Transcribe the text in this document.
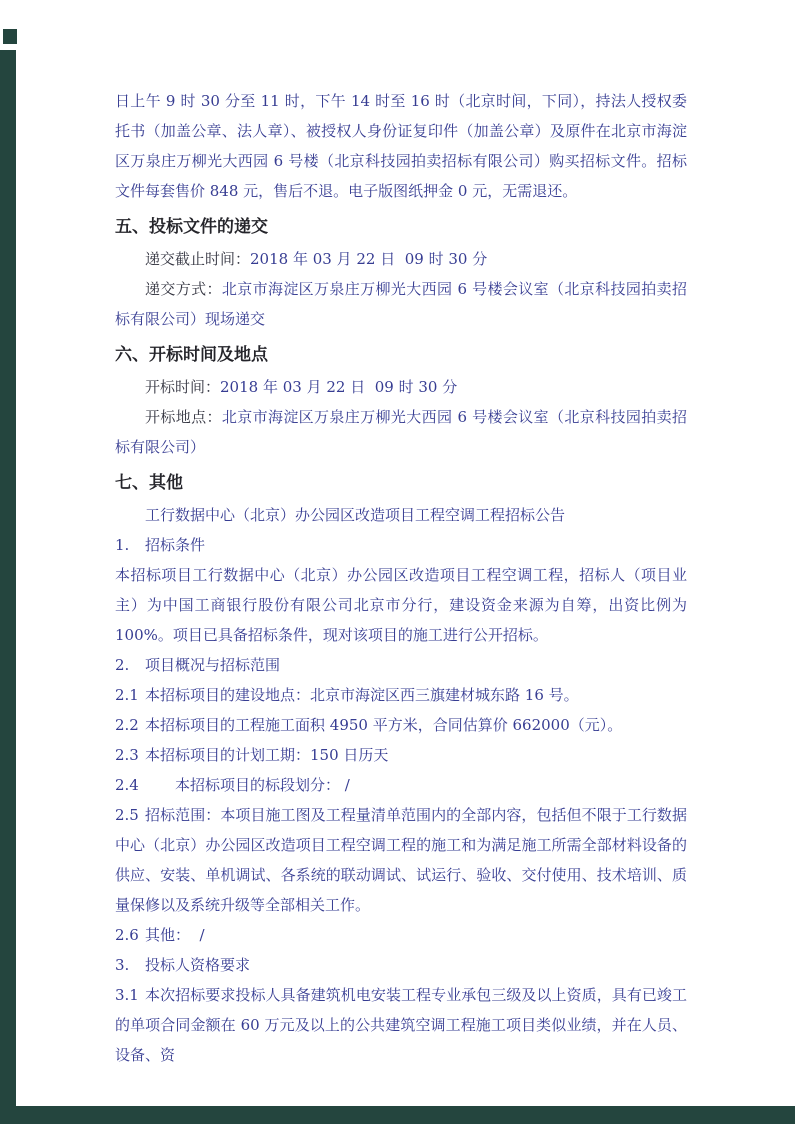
日上午 9 时 30 分至 11 时，下午 14 时至 16 时（北京时间，下同），持法人授权委托书（加盖公章、法人章）、被授权人身份证复印件（加盖公章）及原件在北京市海淀区万泉庄万柳光大西园 6 号楼（北京科技园拍卖招标有限公司）购买招标文件。招标文件每套售价 848 元，售后不退。电子版图纸押金 0 元，无需退还。

五、投标文件的递交

递交截止时间：2018 年 03 月 22 日  09 时 30 分

递交方式：北京市海淀区万泉庄万柳光大西园 6 号楼会议室（北京科技园拍卖招标有限公司）现场递交

六、开标时间及地点

开标时间：2018 年 03 月 22 日  09 时 30 分

开标地点：北京市海淀区万泉庄万柳光大西园 6 号楼会议室（北京科技园拍卖招标有限公司）

七、其他

工行数据中心（北京）办公园区改造项目工程空调工程招标公告

1. 招标条件

本招标项目工行数据中心（北京）办公园区改造项目工程空调工程，招标人（项目业主）为中国工商银行股份有限公司北京市分行，建设资金来源为自筹，出资比例为 100%。项目已具备招标条件，现对该项目的施工进行公开招标。

2. 项目概况与招标范围

2.1 本招标项目的建设地点：北京市海淀区西三旗建材城东路 16 号。

2.2 本招标项目的工程施工面积 4950 平方米，合同估算价 662000（元）。

2.3 本招标项目的计划工期：150 日历天

2.4 本招标项目的标段划分： /

2.5 招标范围：本项目施工图及工程量清单范围内的全部内容，包括但不限于工行数据中心（北京）办公园区改造项目工程空调工程的施工和为满足施工所需全部材料设备的供应、安装、单机调试、各系统的联动调试、试运行、验收、交付使用、技术培训、质量保修以及系统升级等全部相关工作。

2.6 其他：  /

3. 投标人资格要求

3.1 本次招标要求投标人具备建筑机电安装工程专业承包三级及以上资质，具有已竣工的单项合同金额在 60 万元及以上的公共建筑空调工程施工项目类似业绩，并在人员、设备、资
